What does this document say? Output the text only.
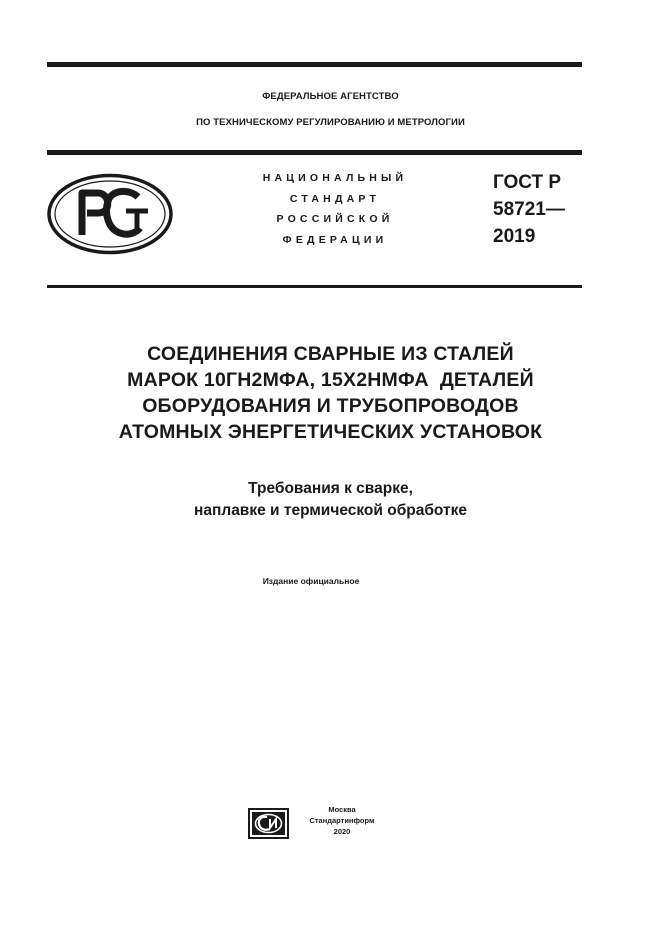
ФЕДЕРАЛЬНОЕ АГЕНТСТВО
ПО ТЕХНИЧЕСКОМУ РЕГУЛИРОВАНИЮ И МЕТРОЛОГИИ
НАЦИОНАЛЬНЫЙ
СТАНДАРТ
РОССИЙСКОЙ
ФЕДЕРАЦИИ
ГОСТ Р
58721—
2019
СОЕДИНЕНИЯ СВАРНЫЕ ИЗ СТАЛЕЙ
МАРОК 10ГН2МФА, 15Х2НМФА  ДЕТАЛЕЙ
ОБОРУДОВАНИЯ И ТРУБОПРОВОДОВ
АТОМНЫХ ЭНЕРГЕТИЧЕСКИХ УСТАНОВОК
Требования к сварке,
наплавке и термической обработке
Издание официальное
Москва
Стандартинформ
2020
